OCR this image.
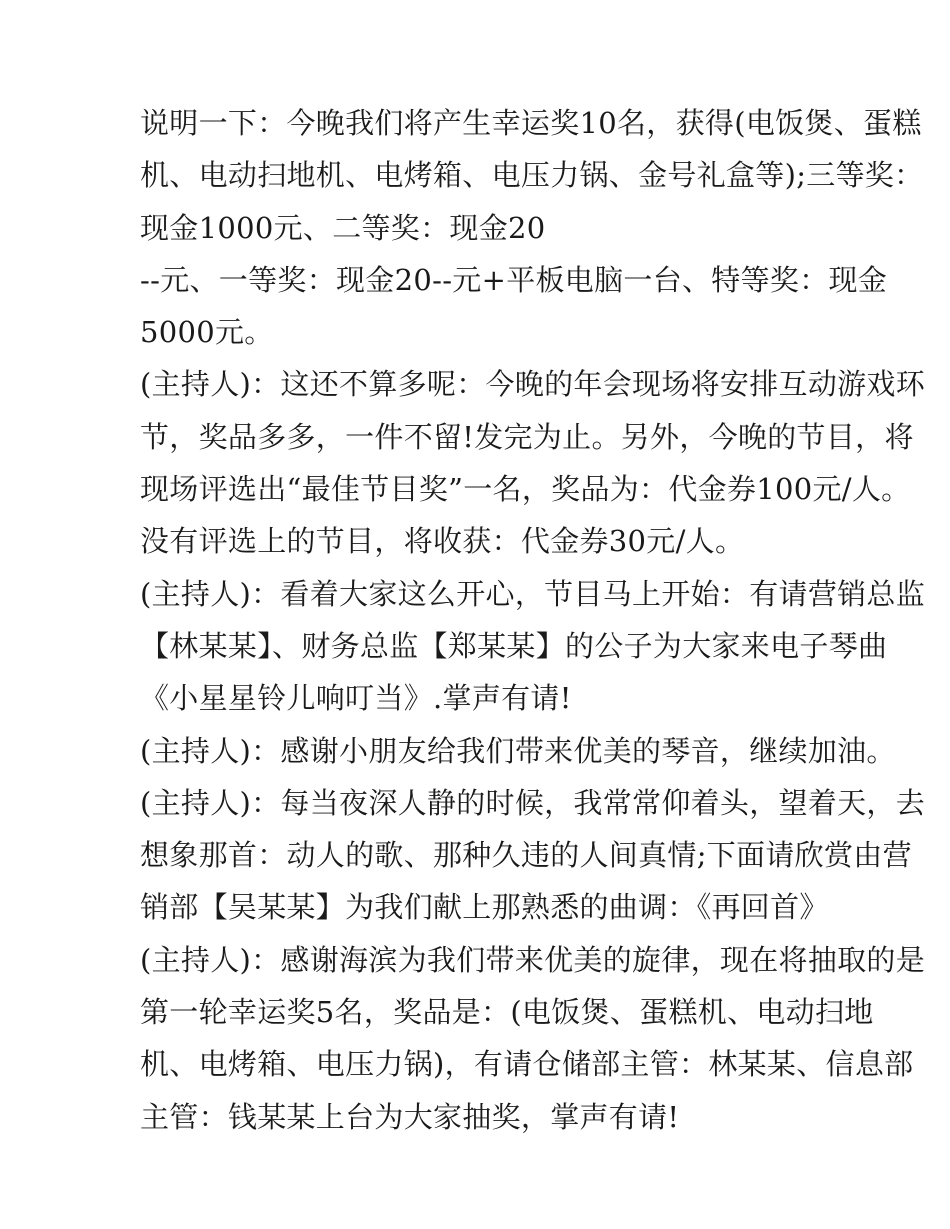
说明一下：今晚我们将产生幸运奖10名，获得(电饭煲、蛋糕
机、电动扫地机、电烤箱、电压力锅、金号礼盒等);三等奖：
现金1000元、二等奖：现金20
--元、一等奖：现金20--元+平板电脑一台、特等奖：现金
5000元。
(主持人)：这还不算多呢：今晚的年会现场将安排互动游戏环
节，奖品多多，一件不留!发完为止。另外，今晚的节目，将
现场评选出“最佳节目奖”一名，奖品为：代金券100元/人。
没有评选上的节目，将收获：代金券30元/人。
(主持人)：看着大家这么开心，节目马上开始：有请营销总监
【林某某】、财务总监【郑某某】的公子为大家来电子琴曲
《小星星铃儿响叮当》.掌声有请!
(主持人)：感谢小朋友给我们带来优美的琴音，继续加油。
(主持人)：每当夜深人静的时候，我常常仰着头，望着天，去
想象那首：动人的歌、那种久违的人间真情;下面请欣赏由营
销部【吴某某】为我们献上那熟悉的曲调：《再回首》
(主持人)：感谢海滨为我们带来优美的旋律，现在将抽取的是
第一轮幸运奖5名，奖品是：(电饭煲、蛋糕机、电动扫地
机、电烤箱、电压力锅)，有请仓储部主管：林某某、信息部
主管：钱某某上台为大家抽奖，掌声有请!
